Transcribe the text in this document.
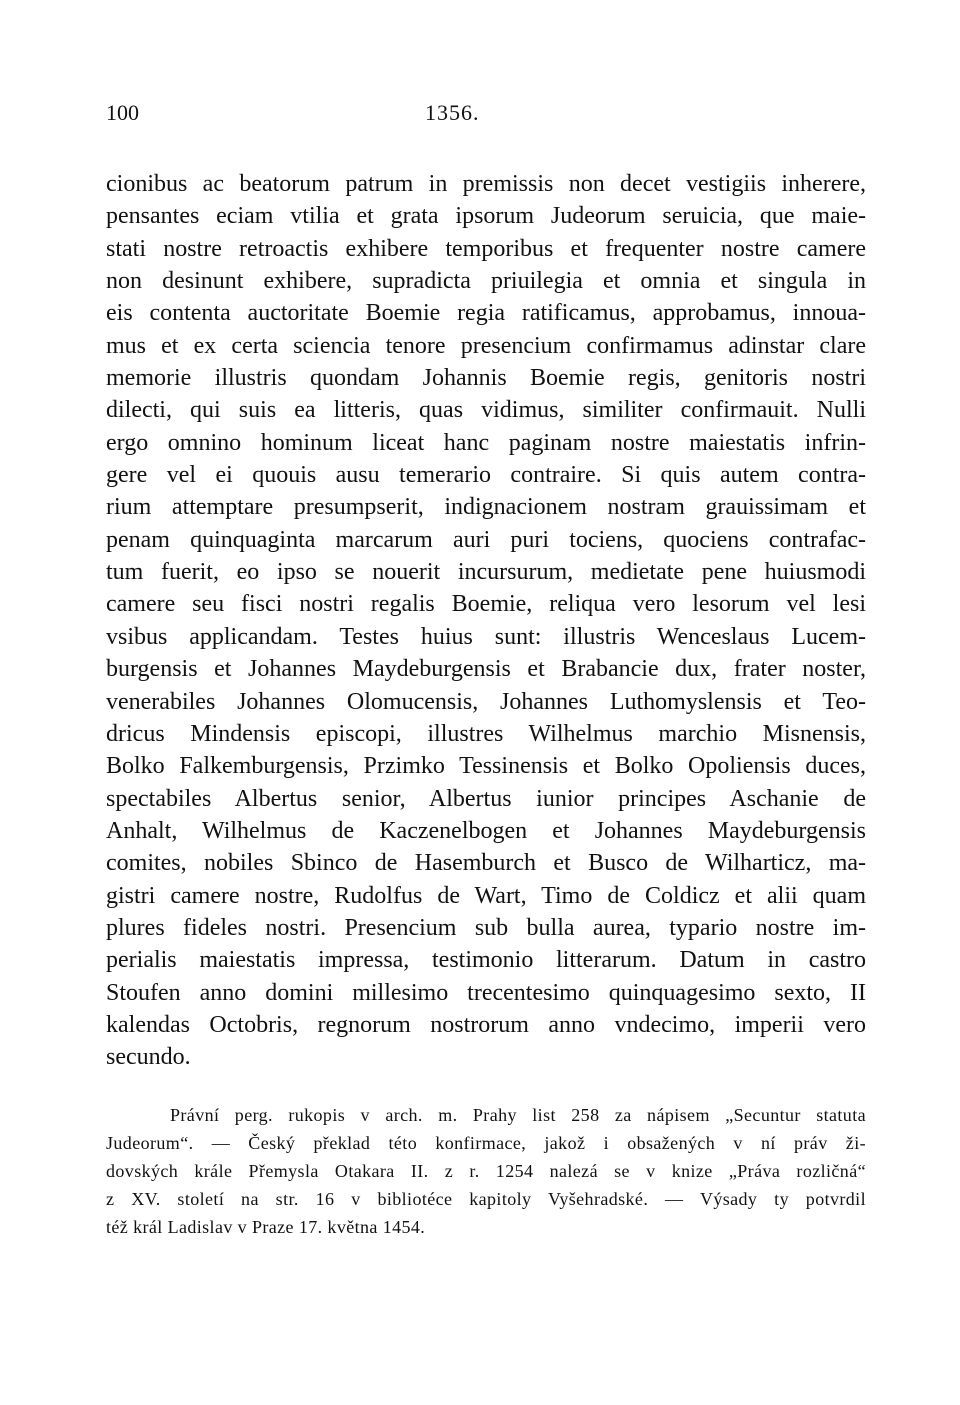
100	1356.
cionibus ac beatorum patrum in premissis non decet vestigiis inherere,
pensantes eciam vtilia et grata ipsorum Judeorum seruicia, que maie-
stati nostre retroactis exhibere temporibus et frequenter nostre camere
non desinunt exhibere, supradicta priuilegia et omnia et singula in
eis contenta auctoritate Boemie regia ratificamus, approbamus, innoua-
mus et ex certa sciencia tenore presencium confirmamus adinstar clare
memorie illustris quondam Johannis Boemie regis, genitoris nostri
dilecti, qui suis ea litteris, quas vidimus, similiter confirmauit. Nulli
ergo omnino hominum liceat hanc paginam nostre maiestatis infrin-
gere vel ei quouis ausu temerario contraire. Si quis autem contra-
rium attemptare presumpserit, indignacionem nostram grauissimam et
penam quinquaginta marcarum auri puri tociens, quociens contrafac-
tum fuerit, eo ipso se nouerit incursurum, medietate pene huiusmodi
camere seu fisci nostri regalis Boemie, reliqua vero lesorum vel lesi
vsibus applicandam. Testes huius sunt: illustris Wenceslaus Lucem-
burgensis et Johannes Maydeburgensis et Brabancie dux, frater noster,
venerabiles Johannes Olomucensis, Johannes Luthomyslensis et Teo-
dricus Mindensis episcopi, illustres Wilhelmus marchio Misnensis,
Bolko Falkemburgensis, Przimko Tessinensis et Bolko Opoliensis duces,
spectabiles Albertus senior, Albertus iunior principes Aschanie de
Anhalt, Wilhelmus de Kaczenelbogen et Johannes Maydeburgensis
comites, nobiles Sbinco de Hasemburch et Busco de Wilharticz, ma-
gistri camere nostre, Rudolfus de Wart, Timo de Coldicz et alii quam
plures fideles nostri. Presencium sub bulla aurea, typario nostre im-
perialis maiestatis impressa, testimonio litterarum. Datum in castro
Stoufen anno domini millesimo trecentesimo quinquagesimo sexto, II
kalendas Octobris, regnorum nostrorum anno vndecimo, imperii vero
secundo.
Právní perg. rukopis v arch. m. Prahy list 258 za nápisem „Secuntur statuta
Judeorum“. — Český překlad této konfirmace, jakož i obsažených v ní práv ži-
dovských krále Přemysla Otakara II. z r. 1254 nalezá se v knize „Práva rozličná“
z XV. století na str. 16 v bibliotéce kapitoly Vyšehradské. — Výsady ty potvrdil
též král Ladislav v Praze 17. května 1454.
